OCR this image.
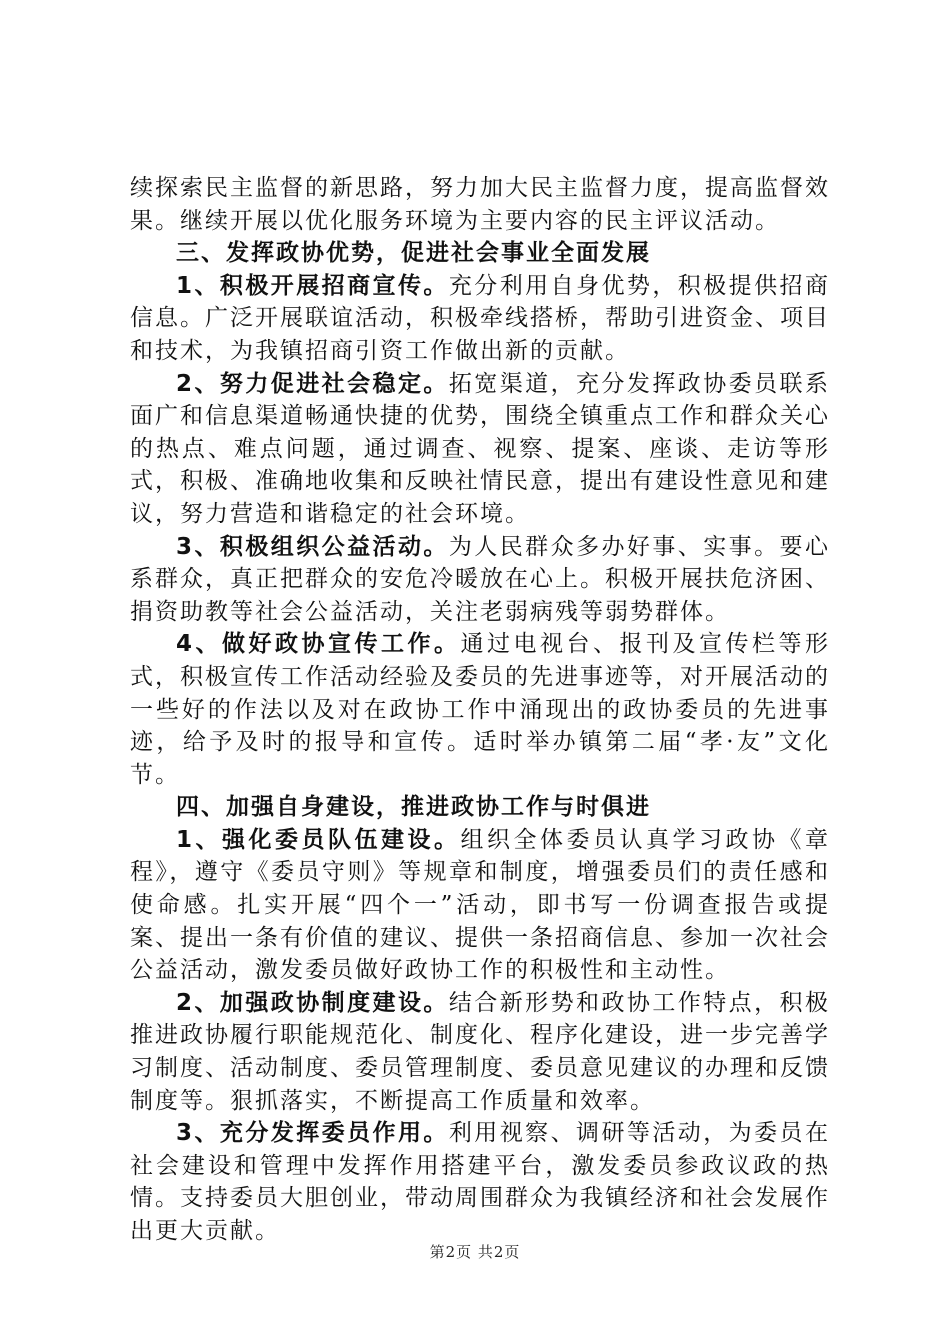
续探索民主监督的新思路，努力加大民主监督力度，提高监督效果。继续开展以优化服务环境为主要内容的民主评议活动。

三、发挥政协优势，促进社会事业全面发展

1、积极开展招商宣传。充分利用自身优势，积极提供招商信息。广泛开展联谊活动，积极牵线搭桥，帮助引进资金、项目和技术，为我镇招商引资工作做出新的贡献。

2、努力促进社会稳定。拓宽渠道，充分发挥政协委员联系面广和信息渠道畅通快捷的优势，围绕全镇重点工作和群众关心的热点、难点问题，通过调查、视察、提案、座谈、走访等形式，积极、准确地收集和反映社情民意，提出有建设性意见和建议，努力营造和谐稳定的社会环境。

3、积极组织公益活动。为人民群众多办好事、实事。要心系群众，真正把群众的安危冷暖放在心上。积极开展扶危济困、捐资助教等社会公益活动，关注老弱病残等弱势群体。

4、做好政协宣传工作。通过电视台、报刊及宣传栏等形式，积极宣传工作活动经验及委员的先进事迹等，对开展活动的一些好的作法以及对在政协工作中涌现出的政协委员的先进事迹，给予及时的报导和宣传。适时举办镇第二届“孝·友”文化节。

四、加强自身建设，推进政协工作与时俱进

1、强化委员队伍建设。组织全体委员认真学习政协《章程》，遵守《委员守则》等规章和制度，增强委员们的责任感和使命感。扎实开展“四个一”活动，即书写一份调查报告或提案、提出一条有价值的建议、提供一条招商信息、参加一次社会公益活动，激发委员做好政协工作的积极性和主动性。

2、加强政协制度建设。结合新形势和政协工作特点，积极推进政协履行职能规范化、制度化、程序化建设，进一步完善学习制度、活动制度、委员管理制度、委员意见建议的办理和反馈制度等。狠抓落实，不断提高工作质量和效率。

3、充分发挥委员作用。利用视察、调研等活动，为委员在社会建设和管理中发挥作用搭建平台，激发委员参政议政的热情。支持委员大胆创业，带动周围群众为我镇经济和社会发展作出更大贡献。

第2页 共2页
